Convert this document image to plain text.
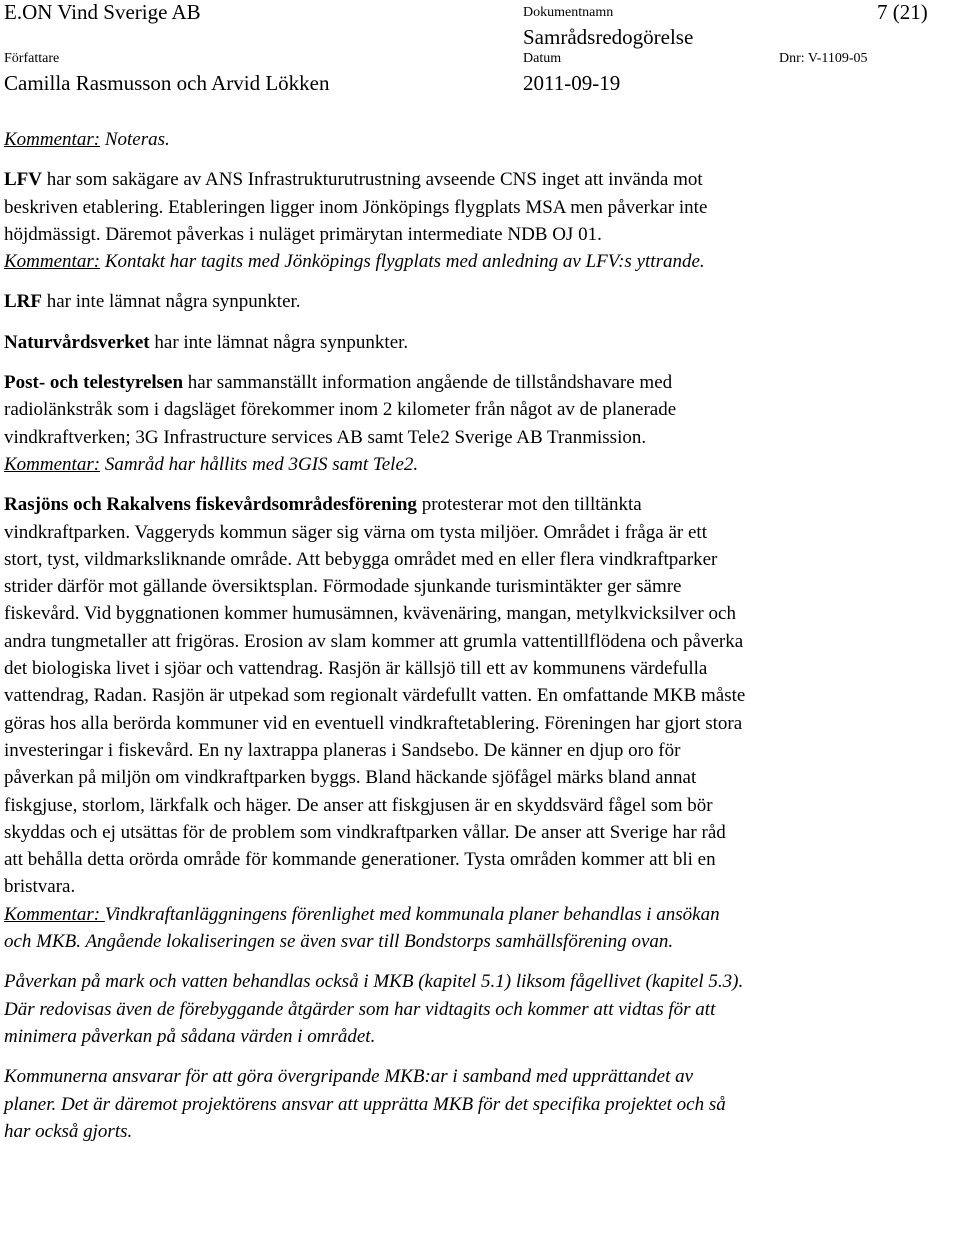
E.ON Vind Sverige AB	Dokumentnamn	7 (21)
Samrådsredogörelse
Författare	Datum	Dnr: V-1109-05
Camilla Rasmusson och Arvid Lökken	2011-09-19

Kommentar: Noteras.

LFV har som sakägare av ANS Infrastrukturutrustning avseende CNS inget att invända mot
beskriven etablering. Etableringen ligger inom Jönköpings flygplats MSA men påverkar inte
höjdmässigt. Däremot påverkas i nuläget primärytan intermediate NDB OJ 01.
Kommentar: Kontakt har tagits med Jönköpings flygplats med anledning av LFV:s yttrande.

LRF har inte lämnat några synpunkter.

Naturvårdsverket har inte lämnat några synpunkter.

Post- och telestyrelsen har sammanställt information angående de tillståndshavare med
radiolänkstråk som i dagsläget förekommer inom 2 kilometer från något av de planerade
vindkraftverken; 3G Infrastructure services AB samt Tele2 Sverige AB Tranmission.
Kommentar: Samråd har hållits med 3GIS samt Tele2.

Rasjöns och Rakalvens fiskevårdsområdesförening protesterar mot den tilltänkta
vindkraftparken. Vaggeryds kommun säger sig värna om tysta miljöer. Området i fråga är ett
stort, tyst, vildmarksliknande område. Att bebygga området med en eller flera vindkraftparker
strider därför mot gällande översiktsplan. Förmodade sjunkande turismintäkter ger sämre
fiskevård. Vid byggnationen kommer humusämnen, kvävenäring, mangan, metylkvicksilver och
andra tungmetaller att frigöras. Erosion av slam kommer att grumla vattentillflödena och påverka
det biologiska livet i sjöar och vattendrag. Rasjön är källsjö till ett av kommunens värdefulla
vattendrag, Radan. Rasjön är utpekad som regionalt värdefullt vatten. En omfattande MKB måste
göras hos alla berörda kommuner vid en eventuell vindkraftetablering. Föreningen har gjort stora
investeringar i fiskevård. En ny laxtrappa planeras i Sandsebo. De känner en djup oro för
påverkan på miljön om vindkraftparken byggs. Bland häckande sjöfågel märks bland annat
fiskgjuse, storlom, lärkfalk och häger. De anser att fiskgjusen är en skyddsvärd fågel som bör
skyddas och ej utsättas för de problem som vindkraftparken vållar. De anser att Sverige har råd
att behålla detta orörda område för kommande generationer. Tysta områden kommer att bli en
bristvara.
Kommentar: Vindkraftanläggningens förenlighet med kommunala planer behandlas i ansökan
och MKB. Angående lokaliseringen se även svar till Bondstorps samhällsförening ovan.

Påverkan på mark och vatten behandlas också i MKB (kapitel 5.1) liksom fågellivet (kapitel 5.3).
Där redovisas även de förebyggande åtgärder som har vidtagits och kommer att vidtas för att
minimera påverkan på sådana värden i området.

Kommunerna ansvarar för att göra övergripande MKB:ar i samband med upprättandet av
planer. Det är däremot projektörens ansvar att upprätta MKB för det specifika projektet och så
har också gjorts.
